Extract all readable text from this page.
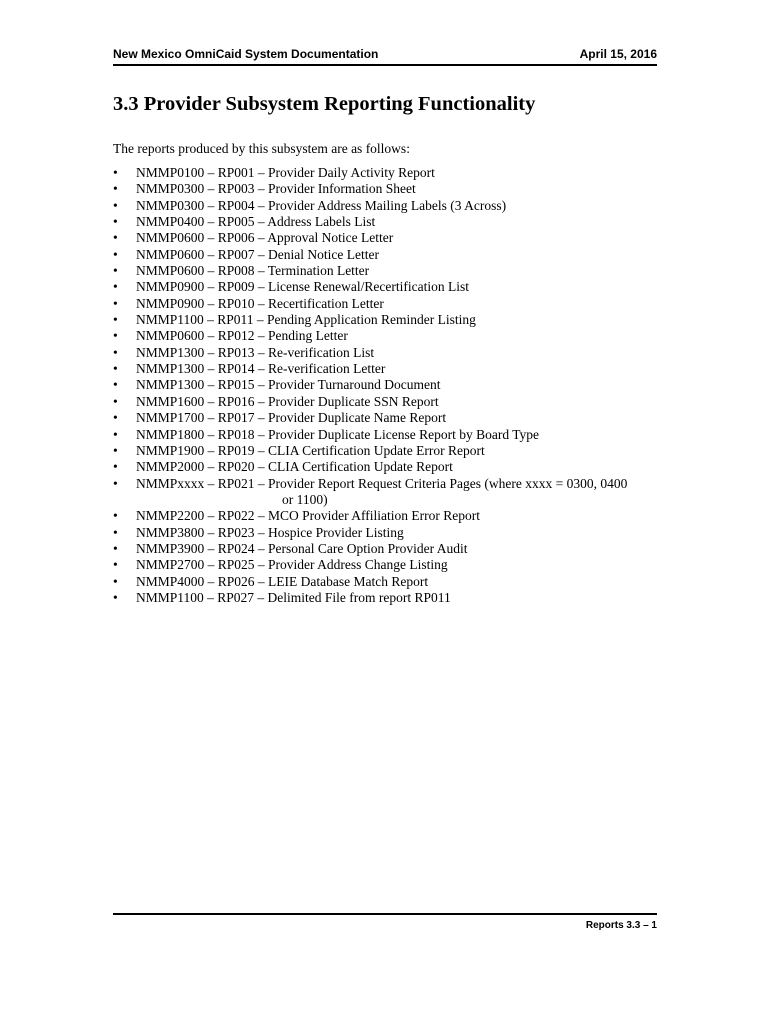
New Mexico OmniCaid System Documentation	April 15, 2016
3.3 Provider Subsystem Reporting Functionality
The reports produced by this subsystem are as follows:
• NMMP0100 – RP001 – Provider Daily Activity Report
• NMMP0300 – RP003 – Provider Information Sheet
• NMMP0300 – RP004 – Provider Address Mailing Labels (3 Across)
• NMMP0400 – RP005 – Address Labels List
• NMMP0600 – RP006 – Approval Notice Letter
• NMMP0600 – RP007 – Denial Notice Letter
• NMMP0600 – RP008 – Termination Letter
• NMMP0900 – RP009 – License Renewal/Recertification List
• NMMP0900 – RP010 – Recertification Letter
• NMMP1100 – RP011 – Pending Application Reminder Listing
• NMMP0600 – RP012 – Pending Letter
• NMMP1300 – RP013 – Re-verification List
• NMMP1300 – RP014 – Re-verification Letter
• NMMP1300 – RP015 – Provider Turnaround Document
• NMMP1600 – RP016 – Provider Duplicate SSN Report
• NMMP1700 – RP017 – Provider Duplicate Name Report
• NMMP1800 – RP018 – Provider Duplicate License Report by Board Type
• NMMP1900 – RP019 – CLIA Certification Update Error Report
• NMMP2000 – RP020 – CLIA Certification Update Report
• NMMPxxxx – RP021 – Provider Report Request Criteria Pages (where xxxx = 0300, 0400
or 1100)
• NMMP2200 – RP022 – MCO Provider Affiliation Error Report
• NMMP3800 – RP023 – Hospice Provider Listing
• NMMP3900 – RP024 – Personal Care Option Provider Audit
• NMMP2700 – RP025 – Provider Address Change Listing
• NMMP4000 – RP026 – LEIE Database Match Report
• NMMP1100 – RP027 – Delimited File from report RP011
Reports 3.3 – 1
